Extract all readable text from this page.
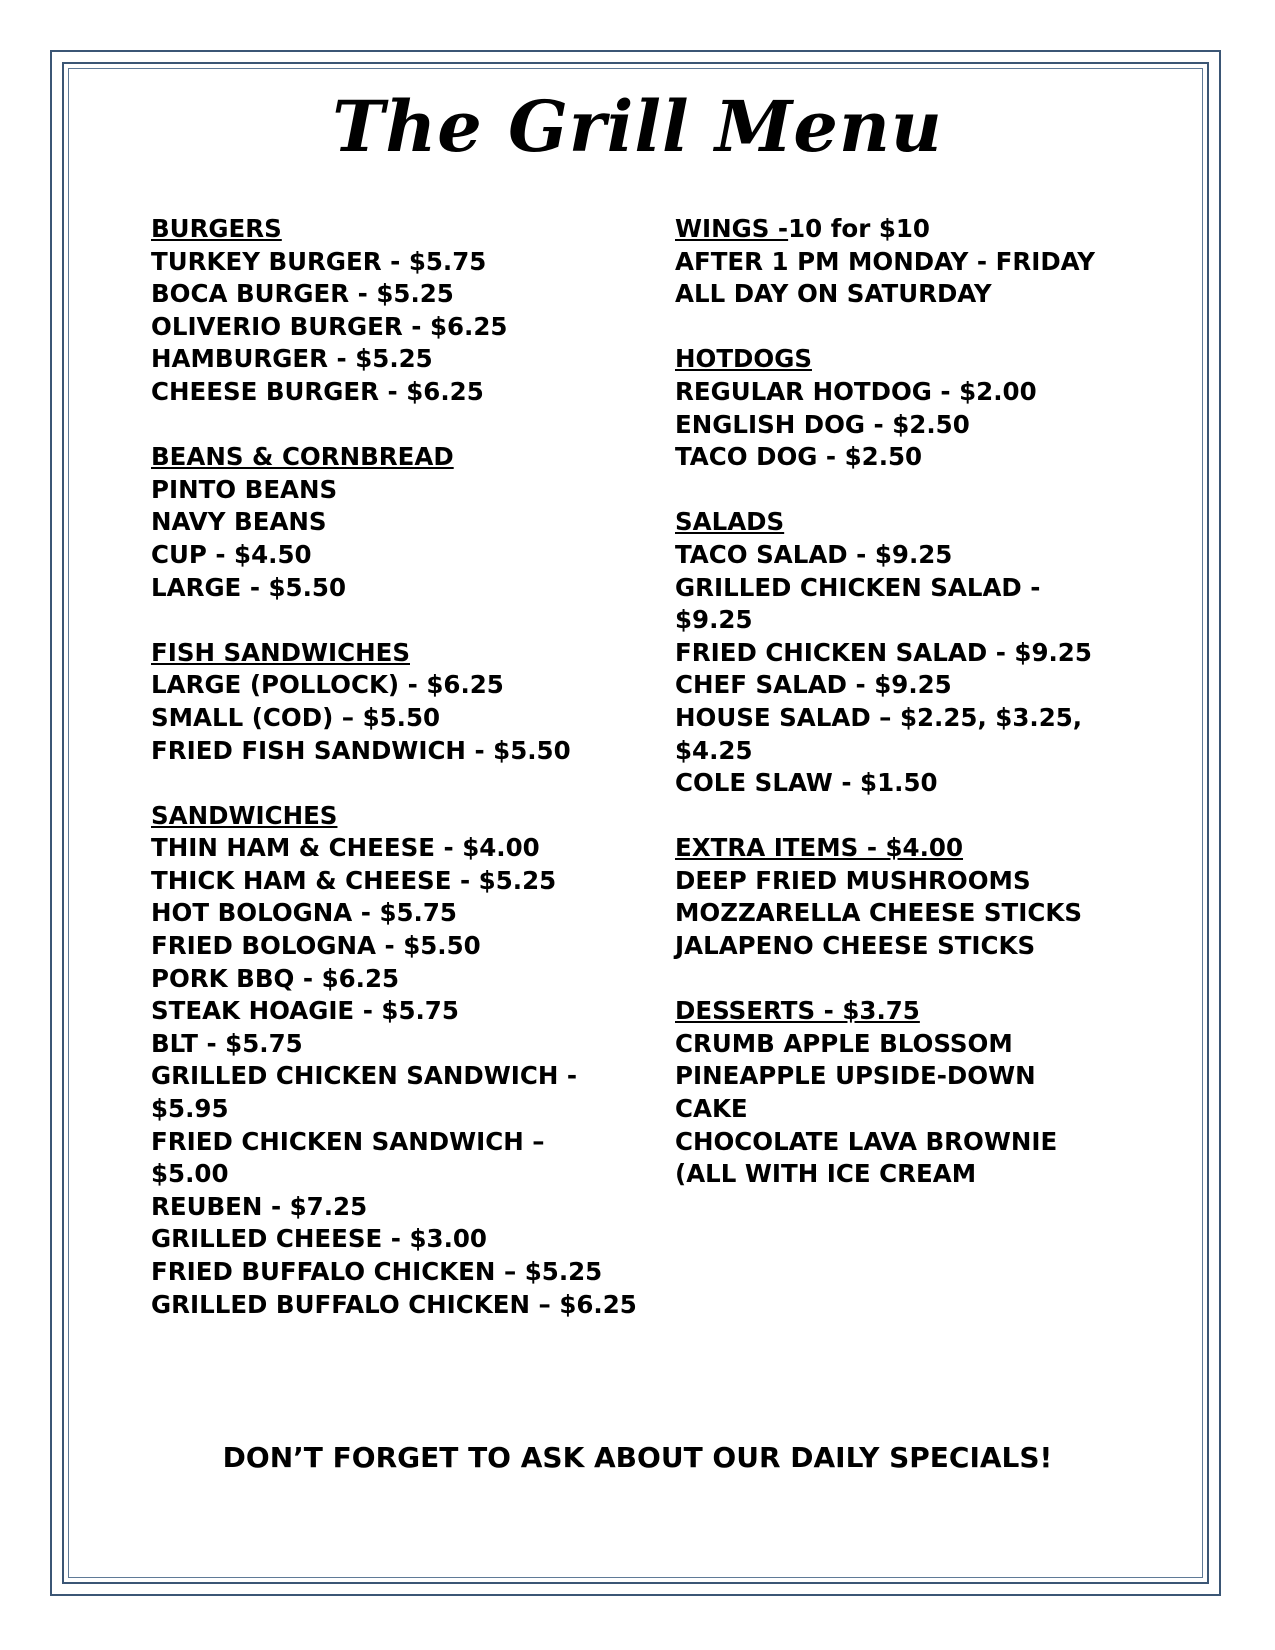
The Grill Menu
BURGERS
TURKEY BURGER - $5.75
BOCA BURGER - $5.25
OLIVERIO BURGER - $6.25
HAMBURGER - $5.25
CHEESE BURGER - $6.25
BEANS & CORNBREAD
PINTO BEANS
NAVY BEANS
CUP - $4.50
LARGE - $5.50
FISH SANDWICHES
LARGE (POLLOCK) - $6.25
SMALL (COD) – $5.50
FRIED FISH SANDWICH - $5.50
SANDWICHES
THIN HAM & CHEESE - $4.00
THICK HAM & CHEESE - $5.25
HOT BOLOGNA - $5.75
FRIED BOLOGNA - $5.50
PORK BBQ - $6.25
STEAK HOAGIE - $5.75
BLT - $5.75
GRILLED CHICKEN SANDWICH -
$5.95
FRIED CHICKEN SANDWICH –
$5.00
REUBEN - $7.25
GRILLED CHEESE - $3.00
FRIED BUFFALO CHICKEN – $5.25
GRILLED BUFFALO CHICKEN – $6.25
WINGS -10 for $10
AFTER 1 PM MONDAY - FRIDAY
ALL DAY ON SATURDAY
HOTDOGS
REGULAR HOTDOG - $2.00
ENGLISH DOG - $2.50
TACO DOG - $2.50
SALADS
TACO SALAD - $9.25
GRILLED CHICKEN SALAD -
$9.25
FRIED CHICKEN SALAD - $9.25
CHEF SALAD - $9.25
HOUSE SALAD – $2.25, $3.25,
$4.25
COLE SLAW - $1.50
EXTRA ITEMS - $4.00
DEEP FRIED MUSHROOMS
MOZZARELLA CHEESE STICKS
JALAPENO CHEESE STICKS
DESSERTS - $3.75
CRUMB APPLE BLOSSOM
PINEAPPLE UPSIDE-DOWN
CAKE
CHOCOLATE LAVA BROWNIE
(ALL WITH ICE CREAM
DON’T FORGET TO ASK ABOUT OUR DAILY SPECIALS!
